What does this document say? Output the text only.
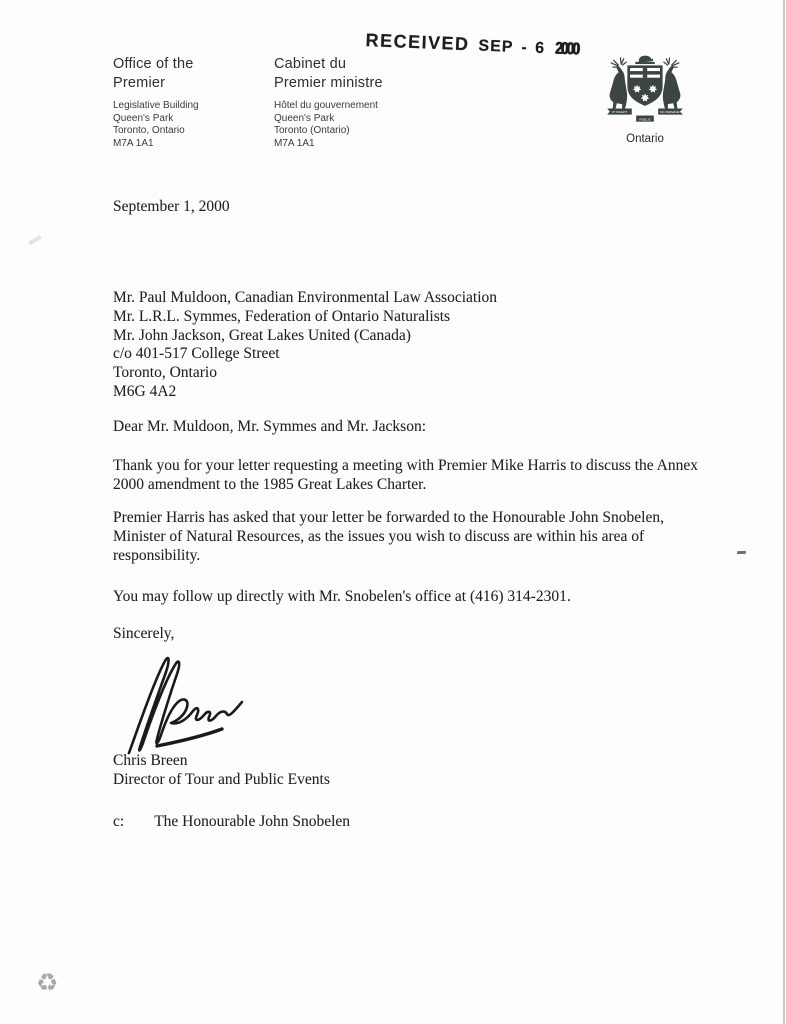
RECEIVED SEP - 6 2000
Office of the
Premier
Legislative Building
Queen's Park
Toronto, Ontario
M7A 1A1
Cabinet du
Premier ministre
Hôtel du gouvernement
Queen's Park
Toronto (Ontario)
M7A 1A1
UT INCEPIT	SIC PERMANET
FIDELIS
Ontario
September 1, 2000
Mr. Paul Muldoon, Canadian Environmental Law Association
Mr. L.R.L. Symmes, Federation of Ontario Naturalists
Mr. John Jackson, Great Lakes United (Canada)
c/o 401-517 College Street
Toronto, Ontario
M6G 4A2
Dear Mr. Muldoon, Mr. Symmes and Mr. Jackson:
Thank you for your letter requesting a meeting with Premier Mike Harris to discuss the Annex
2000 amendment to the 1985 Great Lakes Charter.
Premier Harris has asked that your letter be forwarded to the Honourable John Snobelen,
Minister of Natural Resources, as the issues you wish to discuss are within his area of
responsibility.
You may follow up directly with Mr. Snobelen's office at (416) 314-2301.
Sincerely,
Chris Breen
Director of Tour and Public Events
c: The Honourable John Snobelen
♻
